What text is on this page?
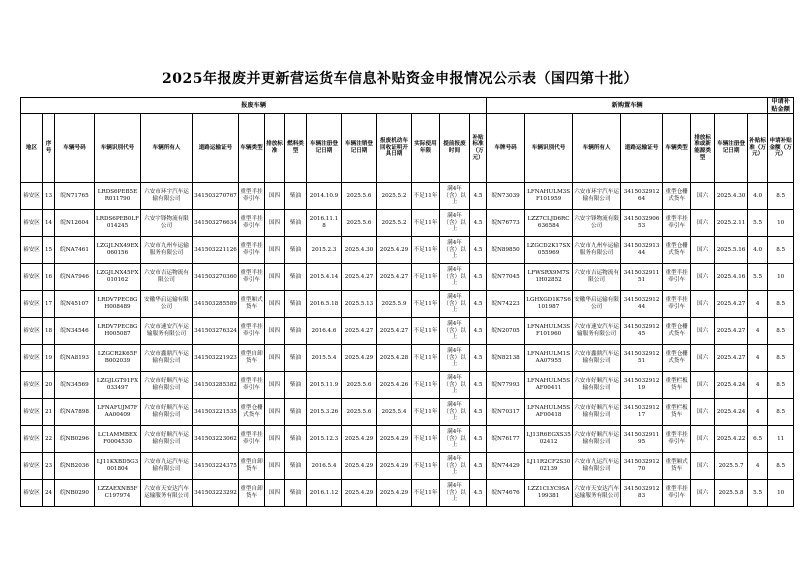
2025年报废并更新营运货车信息补贴资金申报情况公示表（国四第十批）
报废车辆															新购置车辆								申请补贴金额
地区	序号	车辆号码	车辆识别代号	车辆所有人	道路运输证号	车辆类型	排放标准	燃料类型	车辆注册登记日期	车辆注销登记日期	报废机动车回收证明开具日期	实际使用年限	提前报废时间	补贴标准（万元）	车牌号码	车辆识别代号	车辆所有人	道路运输证号	车辆类型	排放标准或新能源类型	车辆注册登记日期	补贴标准（万元）	申请补贴金额（万元）
裕安区	13	皖N71765	LRDS6PEB5ER011790	六安市环宇汽车运输有限公司	341503270767	重型半挂牵引车	国四	柴油	2014.10.9	2025.5.6	2025.5.2	不足11年	满4年（含）以上	4.5	皖N73039	LFNAHULM3SF101959	六安市环宇汽车运输有限公司	341503291264	重型仓栅式货车	国六	2025.4.30	4.0	8.5
裕安区	14	皖N12604	LRDS6PEB0LF014245	六安宇锋物流有限公司	341503276634	重型半挂牵引车	国四	柴油	2016.11.18	2025.5.6	2025.5.2	不足11年	满4年（含）以上	4.5	皖N76773	LZZ7CLJD6RC636584	六安宇锋物流有限公司	341503290653	重型半挂牵引车	国六	2025.2.11	5.5	10
裕安区	15	皖NA7461	LZGJLNX49EX060156	六安市九州车运输服务有限公司	341503221126	重型半挂牵引车	国四	柴油	2015.2.3	2025.4.30	2025.4.29	不足11年	满4年（含）以上	4.5	皖N89850	LZGCD2K17SX055969	六安市九州车运输服务有限公司	341503291344	重型仓栅式货车	国六	2025.5.16	4.0	8.5
裕安区	16	皖NA7946	LZGJLNX45FX010162	六安市吉运物流有限公司	341503270360	重型半挂牵引车	国四	柴油	2015.4.14	2025.4.27	2025.4.27	不足11年	满4年（含）以上	4.5	皖N77045	LFWSRX9M7S1H02852	六安市吉运物流有限公司	341503291151	重型半挂牵引车	国六	2025.4.16	5.5	10
裕安区	17	皖N45107	LRDV7PEC8GH008489	安徽华启运输有限公司	341503285589	重型厢式货车	国四	柴油	2016.5.18	2025.5.13	2025.5.9	不足11年	满4年（含）以上	4.5	皖N74223	LGHXGD1K7S6101987	安徽华启运输有限公司	341503291244	重型半挂牵引车	国六	2025.4.27	4	8.5
裕安区	18	皖N34546	LRDV7PEC8GH005087	六安市速安汽车运输服务有限公司	341503276324	重型半挂牵引车	国四	柴油	2016.4.6	2025.4.27	2025.4.27	不足11年	满4年（含）以上	4.5	皖N20705	LFNAHULM3SF101960	六安市速安汽车运输服务有限公司	341503291245	重型仓栅式货车	国六	2025.4.27	4	8.5
裕安区	19	皖NA8193	LZGCR2K65FB002039	六安市鑫鼎汽车运输有限公司	341503221923	重型自卸货车	国四	柴油	2015.5.4	2025.4.29	2025.4.28	不足11年	满4年（含）以上	4.5	皖N82138	LFNAHULM1SAA07955	六安市鑫鼎汽车运输有限公司	341503291251	重型仓栅式货车	国六	2025.4.27	4	8.5
裕安区	20	皖N34569	LZGJLGT91FX033497	六安市好顺汽车运输有限公司	341503285382	重型半挂牵引车	国四	柴油	2015.11.9	2025.5.6	2025.4.26	不足11年	满4年（含）以上	4.5	皖N77993	LFNAHULM5SAF00411	六安市好顺汽车运输有限公司	341503291219	重型栏板货车	国六	2025.4.24	4	8.5
裕安区	21	皖NA7898	LFNAFUJM7FAA00409	六安市好顺汽车运输有限公司	341503221535	重型仓栅式货车	国四	柴油	2015.3.26	2025.5.6	2025.5.4	不足11年	满4年（含）以上	4.5	皖N70317	LFNAHULM5SAF00418	六安市好顺汽车运输有限公司	341503291217	重型栏板货车	国六	2025.4.24	4	8.5
裕安区	22	皖NB0296	LC1AMMBEXF0004530	六安市好顺汽车运输有限公司	341503223062	重型半挂牵引车	国四	柴油	2015.12.3	2025.4.29	2025.4.29	不足11年	满4年（含）以上	4.5	皖N76177	LJ13R6EGXS3502412	六安市好顺汽车运输有限公司	341503291195	重型半挂牵引车	国六	2025.4.22	6.5	11
裕安区	23	皖NB2036	LJ11KXBD5G3001804	六安市九运汽车运输有限公司	341503224375	重型自卸货车	国四	柴油	2016.5.4	2025.4.29	2025.4.29	不足11年	满4年（含）以上	4.5	皖N74429	LJ11R2CF2S3002139	六安市九运汽车运输有限公司	341503291270	重型厢式货车	国六	2025.5.7	4	8.5
裕安区	24	皖NB0290	LZZAEXNB5FC197974	六安市天安达汽车运输服务有限公司	341503223292	重型自卸货车	国四	柴油	2016.1.12	2025.4.29	2025.4.29	不足11年	满4年（含）以上	4.5	皖N74676	LZZ1CLYC9SA199381	六安市天安达汽车运输服务有限公司	341503291283	重型半挂牵引车	国六	2025.5.8	5.5	10
